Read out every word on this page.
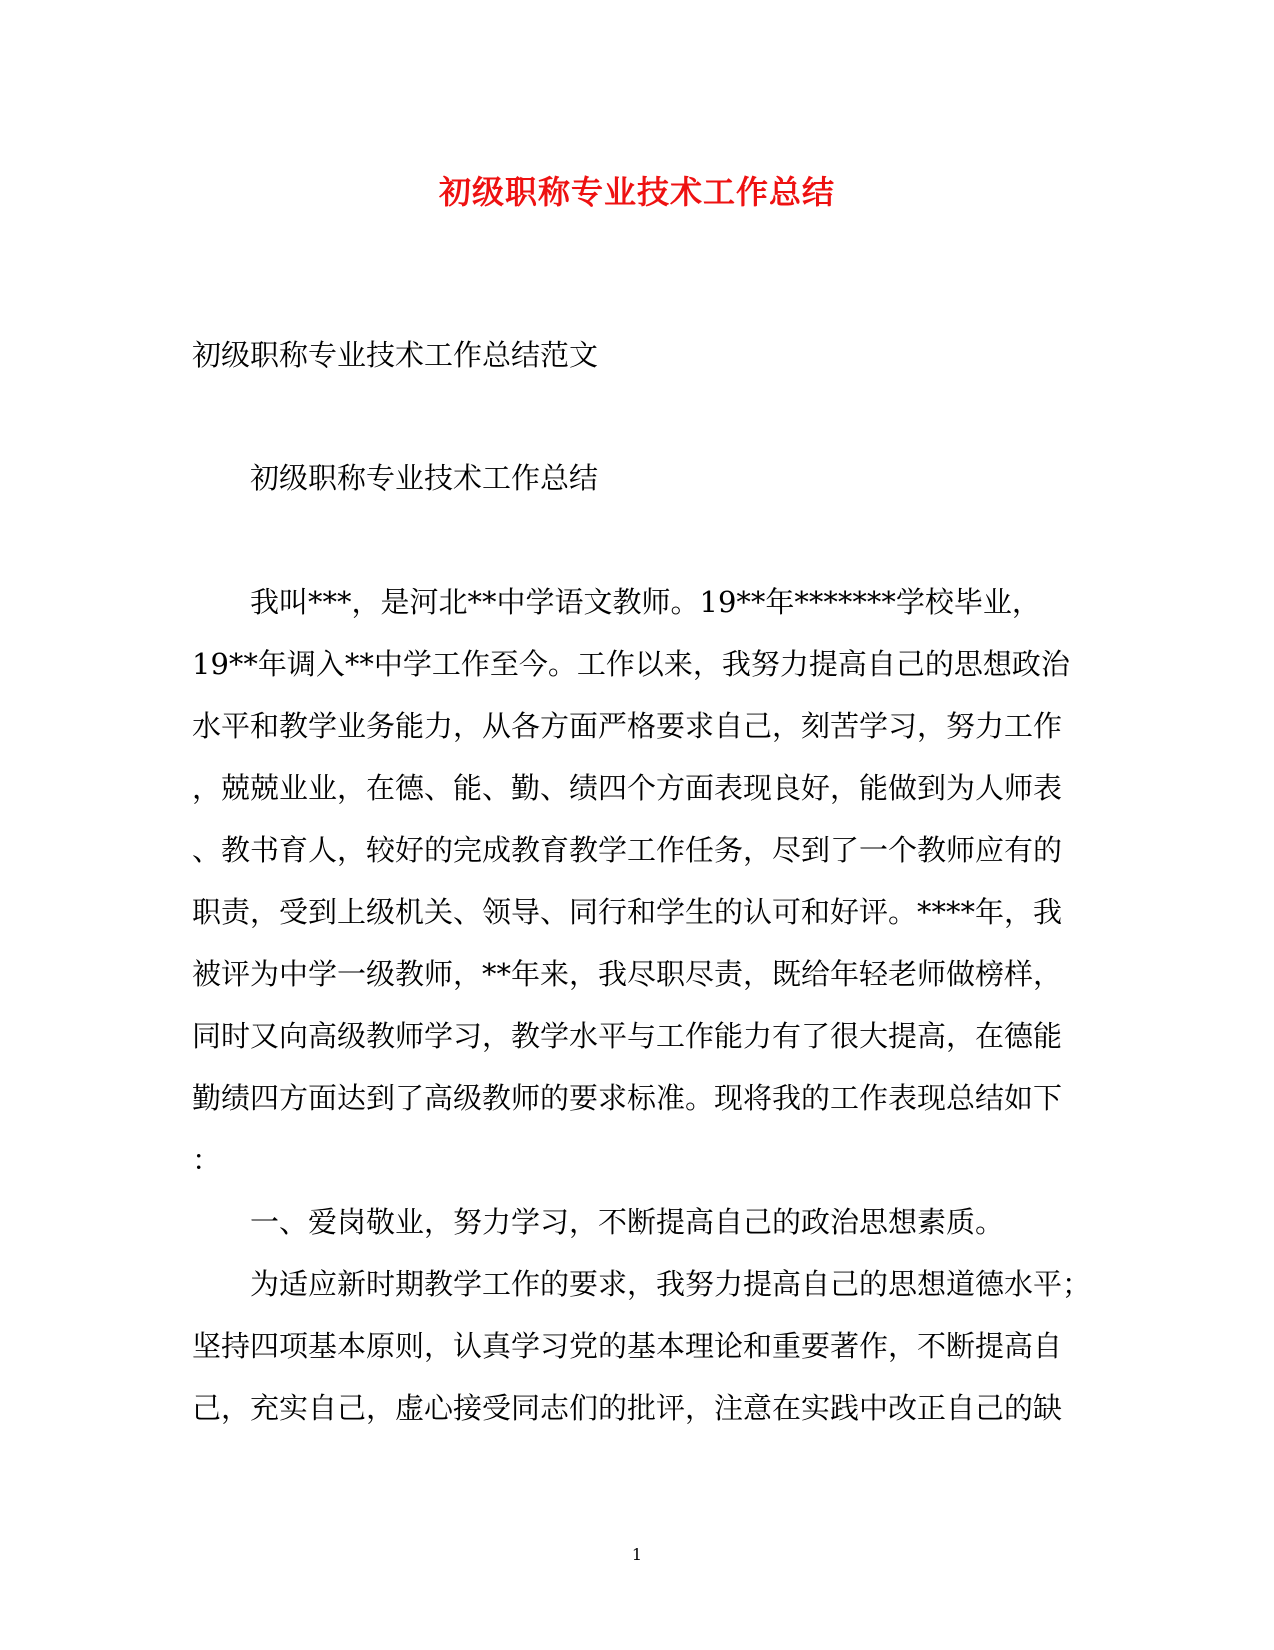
初级职称专业技术工作总结
初级职称专业技术工作总结范文
初级职称专业技术工作总结
我叫***，是河北**中学语文教师。19**年*******学校毕业，
19**年调入**中学工作至今。工作以来，我努力提高自己的思想政治
水平和教学业务能力，从各方面严格要求自己，刻苦学习，努力工作
，兢兢业业，在德、能、勤、绩四个方面表现良好，能做到为人师表
、教书育人，较好的完成教育教学工作任务，尽到了一个教师应有的
职责，受到上级机关、领导、同行和学生的认可和好评。****年，我
被评为中学一级教师，**年来，我尽职尽责，既给年轻老师做榜样，
同时又向高级教师学习，教学水平与工作能力有了很大提高，在德能
勤绩四方面达到了高级教师的要求标准。现将我的工作表现总结如下
：
一、爱岗敬业，努力学习，不断提高自己的政治思想素质。
为适应新时期教学工作的要求，我努力提高自己的思想道德水平；
坚持四项基本原则，认真学习党的基本理论和重要著作，不断提高自
己，充实自己，虚心接受同志们的批评，注意在实践中改正自己的缺
1
